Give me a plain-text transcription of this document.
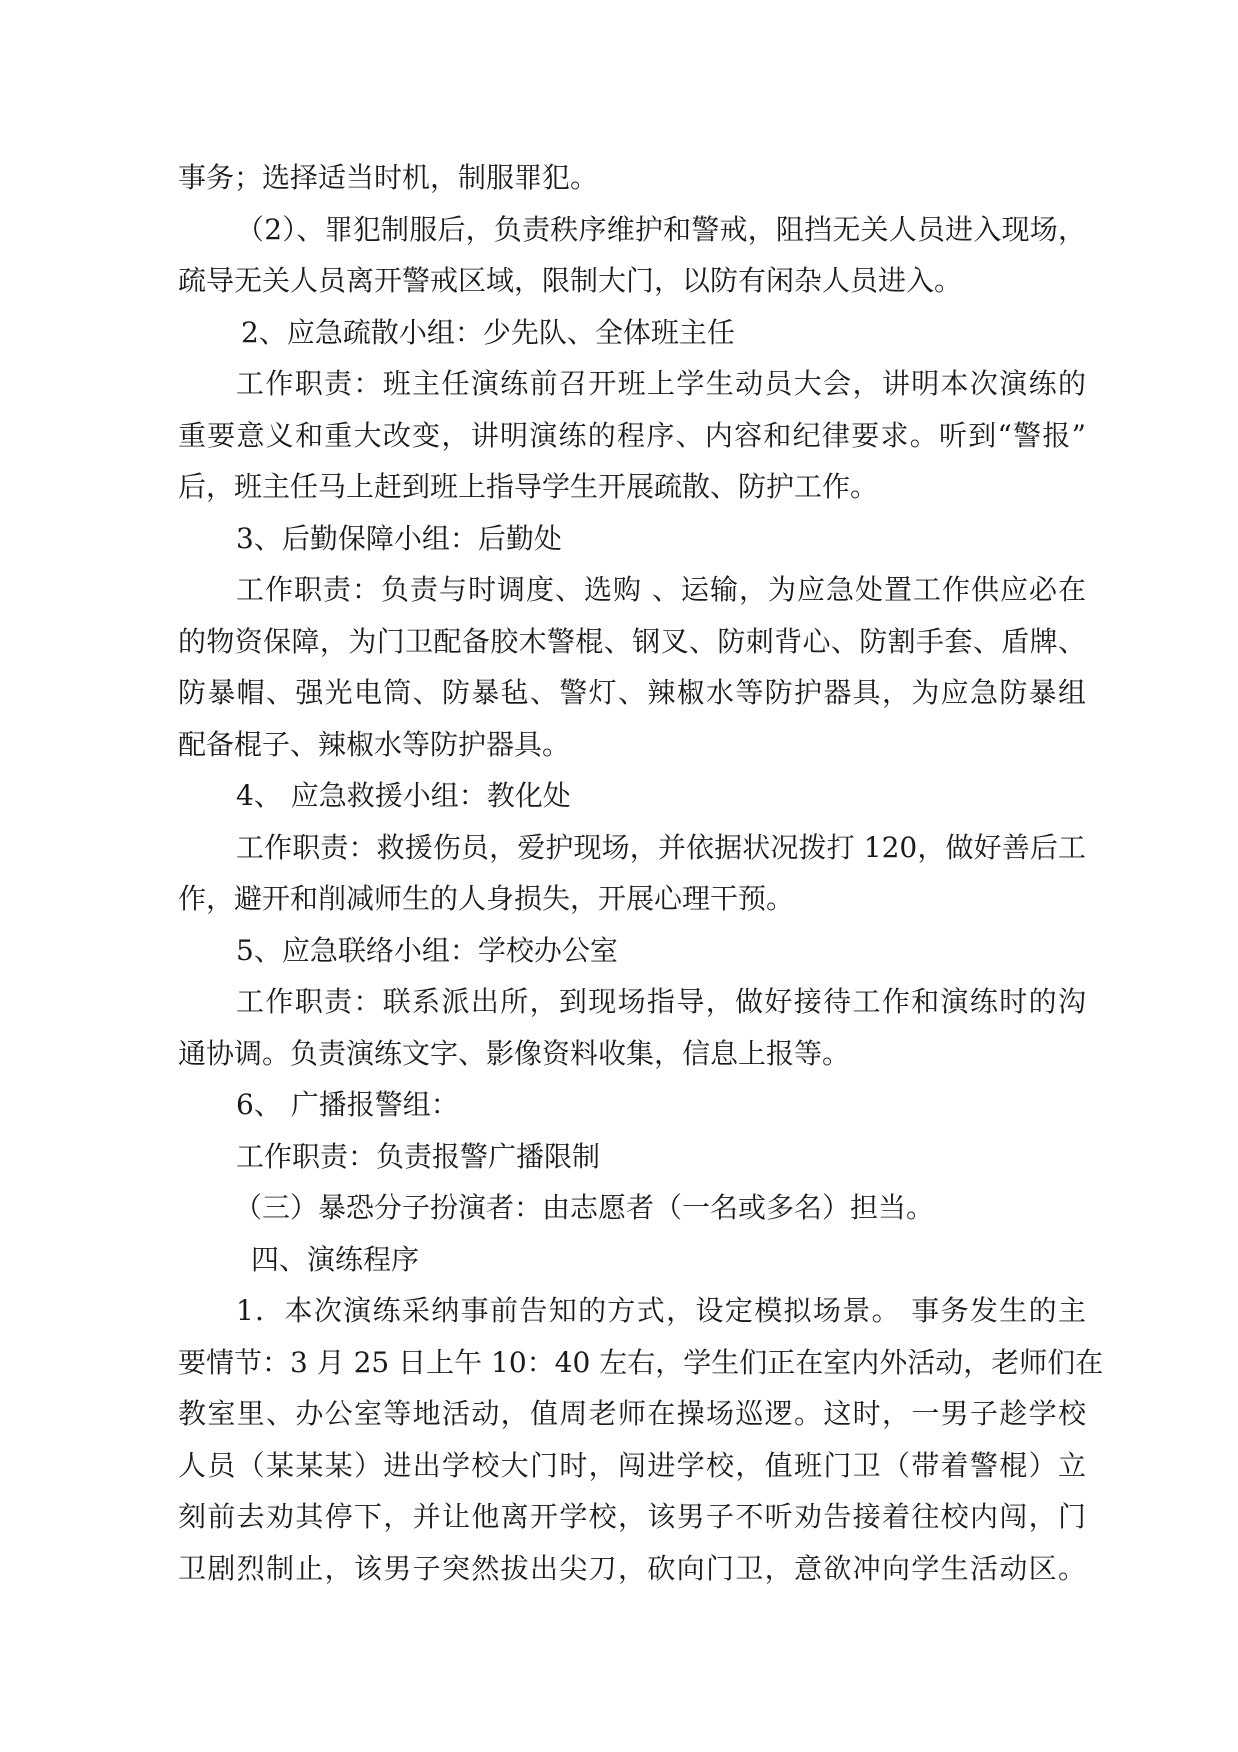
事务；选择适当时机，制服罪犯。

（2）、罪犯制服后，负责秩序维护和警戒，阻挡无关人员进入现场，

疏导无关人员离开警戒区域，限制大门，以防有闲杂人员进入。

2、应急疏散小组：少先队、全体班主任

工作职责：班主任演练前召开班上学生动员大会，讲明本次演练的

重要意义和重大改变，讲明演练的程序、内容和纪律要求。听到“警报”

后，班主任马上赶到班上指导学生开展疏散、防护工作。

3、后勤保障小组：后勤处

工作职责：负责与时调度、选购 、运输，为应急处置工作供应必在

的物资保障，为门卫配备胶木警棍、钢叉、防刺背心、防割手套、盾牌、

防暴帽、强光电筒、防暴毡、警灯、辣椒水等防护器具，为应急防暴组

配备棍子、辣椒水等防护器具。

4、 应急救援小组：教化处

工作职责：救援伤员，爱护现场，并依据状况拨打 120，做好善后工

作，避开和削减师生的人身损失，开展心理干预。

5、应急联络小组：学校办公室

工作职责：联系派出所，到现场指导，做好接待工作和演练时的沟

通协调。负责演练文字、影像资料收集，信息上报等。

6、 广播报警组：

工作职责：负责报警广播限制

（三）暴恐分子扮演者：由志愿者（一名或多名）担当。

四、演练程序

1．本次演练采纳事前告知的方式，设定模拟场景。 事务发生的主

要情节：3 月 25 日上午 10：40 左右，学生们正在室内外活动，老师们在

教室里、办公室等地活动，值周老师在操场巡逻。这时，一男子趁学校

人员（某某某）进出学校大门时，闯进学校，值班门卫（带着警棍）立

刻前去劝其停下，并让他离开学校，该男子不听劝告接着往校内闯，门

卫剧烈制止，该男子突然拔出尖刀，砍向门卫，意欲冲向学生活动区。
